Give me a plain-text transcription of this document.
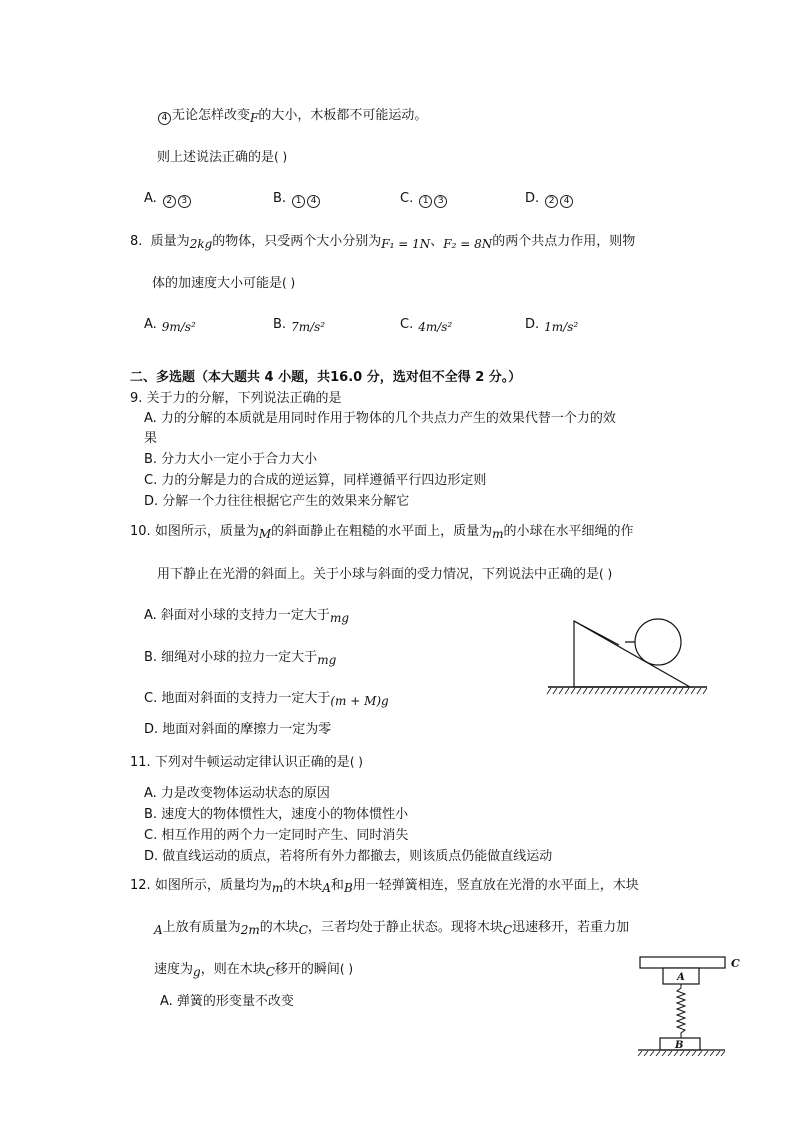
4 无论怎样改变F的大小，木板都不可能运动。
则上述说法正确的是( )
A. 2 3	B. 1 4	C. 1 3	D. 2 4
8. 质量为2kg的物体，只受两个大小分别为F₁ = 1N、F₂ = 8N的两个共点力作用，则物
体的加速度大小可能是( )
A. 9m/s²	B. 7m/s²	C. 4m/s²	D. 1m/s²
二、多选题（本大题共 4 小题，共16.0 分，选对但不全得 2 分。）
9. 关于力的分解，下列说法正确的是
A. 力的分解的本质就是用同时作用于物体的几个共点力产生的效果代替一个力的效
果
B. 分力大小一定小于合力大小
C. 力的分解是力的合成的逆运算，同样遵循平行四边形定则
D. 分解一个力往往根据它产生的效果来分解它
10. 如图所示，质量为M的斜面静止在粗糙的水平面上，质量为m的小球在水平细绳的作
用下静止在光滑的斜面上。关于小球与斜面的受力情况，下列说法中正确的是( )
A. 斜面对小球的支持力一定大于mg
B. 细绳对小球的拉力一定大于mg
C. 地面对斜面的支持力一定大于(m + M)g
D. 地面对斜面的摩擦力一定为零
11. 下列对牛顿运动定律认识正确的是( )
A. 力是改变物体运动状态的原因
B. 速度大的物体惯性大，速度小的物体惯性小
C. 相互作用的两个力一定同时产生、同时消失
D. 做直线运动的质点，若将所有外力都撤去，则该质点仍能做直线运动
12. 如图所示，质量均为m的木块A和B用一轻弹簧相连，竖直放在光滑的水平面上，木块
A上放有质量为2m的木块C，三者均处于静止状态。现将木块C迅速移开，若重力加
速度为g，则在木块C移开的瞬间( )
A. 弹簧的形变量不改变
C
A
B
